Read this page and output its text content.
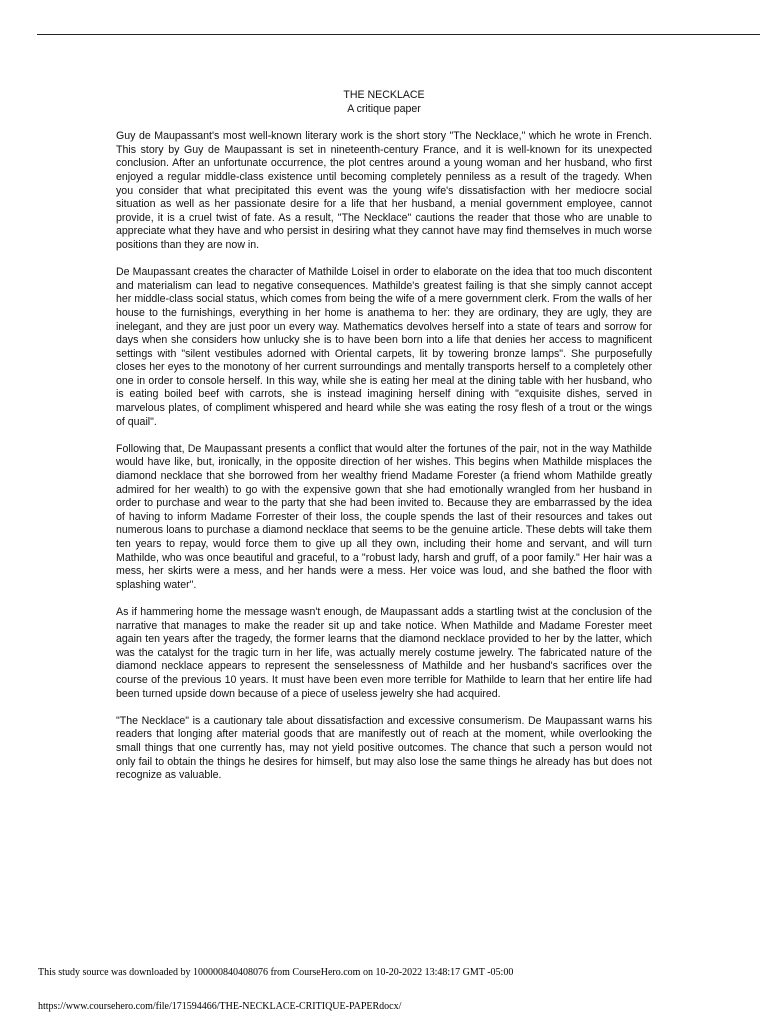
THE NECKLACE
A critique paper

Guy de Maupassant's most well-known literary work is the short story "The Necklace," which he wrote in French. This story by Guy de Maupassant is set in nineteenth-century France, and it is well-known for its unexpected conclusion. After an unfortunate occurrence, the plot centres around a young woman and her husband, who first enjoyed a regular middle-class existence until becoming completely penniless as a result of the tragedy. When you consider that what precipitated this event was the young wife's dissatisfaction with her mediocre social situation as well as her passionate desire for a life that her husband, a menial government employee, cannot provide, it is a cruel twist of fate. As a result, "The Necklace" cautions the reader that those who are unable to appreciate what they have and who persist in desiring what they cannot have may find themselves in much worse positions than they are now in.

De Maupassant creates the character of Mathilde Loisel in order to elaborate on the idea that too much discontent and materialism can lead to negative consequences. Mathilde's greatest failing is that she simply cannot accept her middle-class social status, which comes from being the wife of a mere government clerk. From the walls of her house to the furnishings, everything in her home is anathema to her: they are ordinary, they are ugly, they are inelegant, and they are just poor un every way. Mathematics devolves herself into a state of tears and sorrow for days when she considers how unlucky she is to have been born into a life that denies her access to magnificent settings with "silent vestibules adorned with Oriental carpets, lit by towering bronze lamps". She purposefully closes her eyes to the monotony of her current surroundings and mentally transports herself to a completely other one in order to console herself. In this way, while she is eating her meal at the dining table with her husband, who is eating boiled beef with carrots, she is instead imagining herself dining with "exquisite dishes, served in marvelous plates, of compliment whispered and heard while she was eating the rosy flesh of a trout or the wings of quail".

Following that, De Maupassant presents a conflict that would alter the fortunes of the pair, not in the way Mathilde would have like, but, ironically, in the opposite direction of her wishes. This begins when Mathilde misplaces the diamond necklace that she borrowed from her wealthy friend Madame Forester (a friend whom Mathilde greatly admired for her wealth) to go with the expensive gown that she had emotionally wrangled from her husband in order to purchase and wear to the party that she had been invited to. Because they are embarrassed by the idea of having to inform Madame Forrester of their loss, the couple spends the last of their resources and takes out numerous loans to purchase a diamond necklace that seems to be the genuine article. These debts will take them ten years to repay, would force them to give up all they own, including their home and servant, and will turn Mathilde, who was once beautiful and graceful, to a "robust lady, harsh and gruff, of a poor family." Her hair was a mess, her skirts were a mess, and her hands were a mess. Her voice was loud, and she bathed the floor with splashing water".

As if hammering home the message wasn't enough, de Maupassant adds a startling twist at the conclusion of the narrative that manages to make the reader sit up and take notice. When Mathilde and Madame Forester meet again ten years after the tragedy, the former learns that the diamond necklace provided to her by the latter, which was the catalyst for the tragic turn in her life, was actually merely costume jewelry. The fabricated nature of the diamond necklace appears to represent the senselessness of Mathilde and her husband's sacrifices over the course of the previous 10 years. It must have been even more terrible for Mathilde to learn that her entire life had been turned upside down because of a piece of useless jewelry she had acquired.

"The Necklace" is a cautionary tale about dissatisfaction and excessive consumerism. De Maupassant warns his readers that longing after material goods that are manifestly out of reach at the moment, while overlooking the small things that one currently has, may not yield positive outcomes. The chance that such a person would not only fail to obtain the things he desires for himself, but may also lose the same things he already has but does not recognize as valuable.

This study source was downloaded by 100000840408076 from CourseHero.com on 10-20-2022 13:48:17 GMT -05:00
https://www.coursehero.com/file/171594466/THE-NECKLACE-CRITIQUE-PAPERdocx/
